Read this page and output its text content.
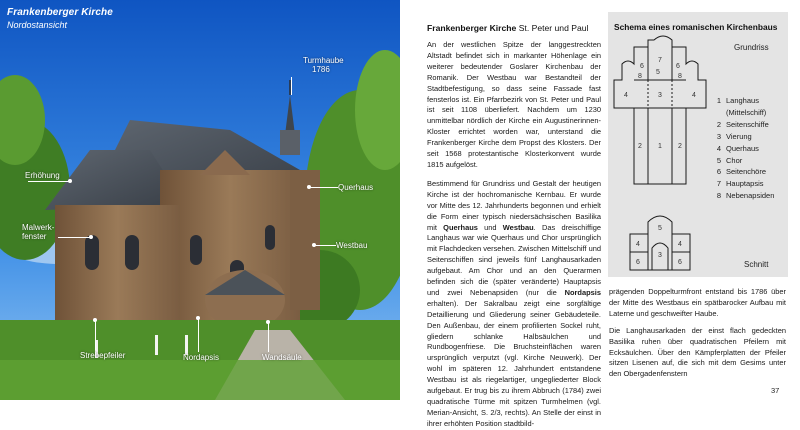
Frankenberger Kirche
Nordostansicht
Turmhaube
1786
Erhöhung
Querhaus
Malwerk-
fenster
Westbau
Strebepfeiler	Nordapsis	Wandsäule

Frankenberger Kirche St. Peter und Paul

An der westlichen Spitze der langgestreckten Altstadt befindet sich in markanter Höhenlage ein weiterer bedeutender Goslarer Kirchenbau der Romanik. Der Westbau war Bestandteil der Stadtbefestigung, so dass seine Fassade fast fensterlos ist. Ein Pfarrbezirk von St. Peter und Paul ist seit 1108 überliefert. Nachdem um 1230 unmittelbar nördlich der Kirche ein Augustinerinnen-Kloster errichtet worden war, unterstand die Frankenberger Kirche dem Propst des Klosters. Der seit 1568 protestantische Klosterkonvent wurde 1815 aufgelöst.

Bestimmend für Grundriss und Gestalt der heutigen Kirche ist der hochromanische Kernbau. Er wurde vor Mitte des 12. Jahrhunderts begonnen und erhielt die Form einer typisch niedersächsischen Basilika mit Querhaus und Westbau. Das dreischiffige Langhaus war wie Querhaus und Chor ursprünglich mit Flachdecken versehen. Zwischen Mittelschiff und Seitenschiffen sind jeweils fünf Langhausarkaden aufgebaut. Am Chor und an den Querarmen befinden sich die (später veränderte) Hauptapsis und zwei Nebenapsiden (nur die Nordapsis erhalten). Der Sakralbau zeigt eine sorgfältige Detaillierung und Gliederung seiner Gebäudeteile. Den Außenbau, der einem profilierten Sockel ruht, gliedern schlanke Halbsäulchen und Rundbogenfriese. Die Bruchsteinflächen waren ursprünglich verputzt (vgl. Kirche Neuwerk). Der wohl im späteren 12. Jahrhundert entstandene Westbau ist als riegelartiger, ungegliederter Block aufgebaut. Er trug bis zu ihrem Abbruch (1784) zwei quadratische Türme mit spitzen Turmhelmen (vgl. Merian-Ansicht, S. 2/3, rechts). An Stelle der einst in ihrer erhöhten Position stadtbild-

Schema eines romanischen Kirchenbaus
Grundriss
Schnitt
7
8	8
5
6	6
4	4
3
2	2
1
5
4	4
3
6	6
1 Langhaus
(Mittelschiff)
2 Seitenschiffe
3 Vierung
4 Querhaus
5 Chor
6 Seitenchöre
7 Hauptapsis
8 Nebenapsiden

prägenden Doppelturmfront entstand bis 1786 über der Mitte des Westbaus ein spätbarocker Aufbau mit Laterne und geschweifter Haube.

Die Langhausarkaden der einst flach gedeckten Basilika ruhen über quadratischen Pfeilern mit Ecksäulchen. Über den Kämpferplatten der Pfeiler sitzen Lisenen auf, die sich mit dem Gesims unter den Obergadenfenstern

37
